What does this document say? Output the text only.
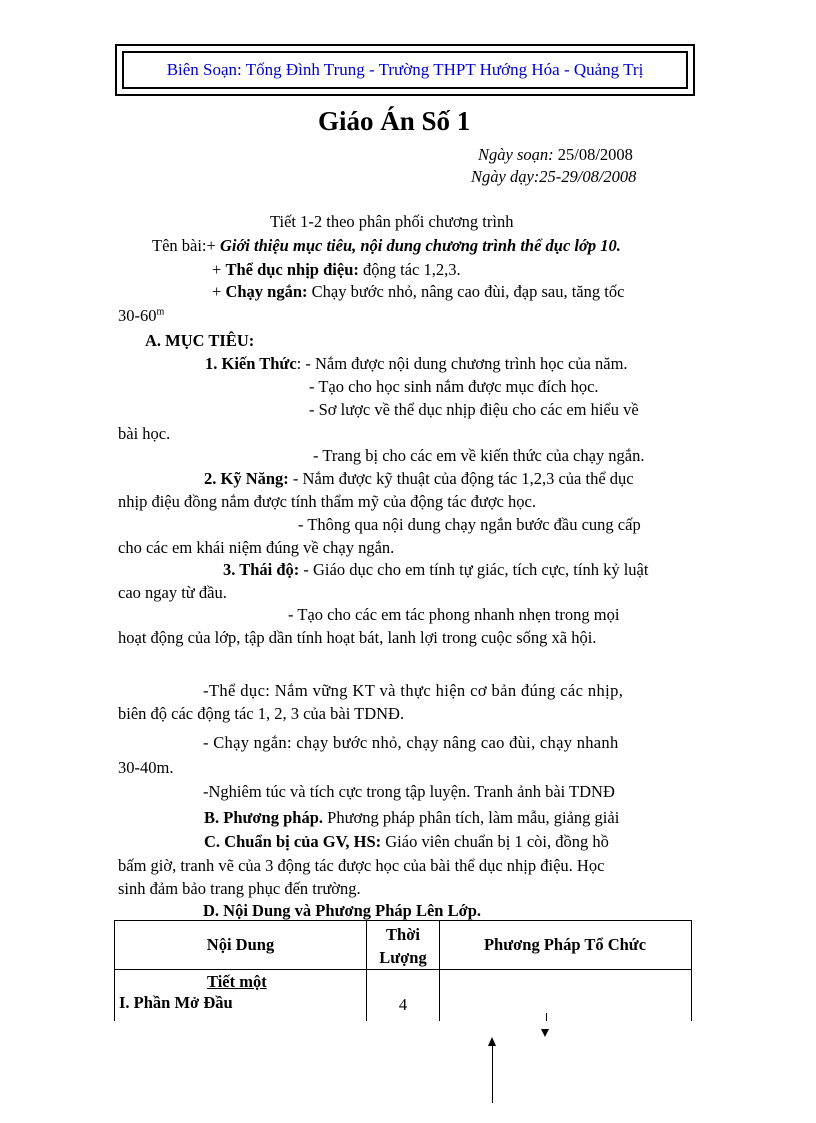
Biên Soạn: Tống Đình Trung - Trường THPT Hướng Hóa - Quảng Trị
Giáo Án Số 1
Ngày soạn: 25/08/2008
Ngày dạy:25-29/08/2008
Tiết 1-2 theo phân phối chương trình
Tên bài:+ Giới thiệu mục tiêu, nội dung chương trình thể dục lớp 10.
+ Thể dục nhịp điệu: động tác 1,2,3.
+ Chạy ngắn: Chạy bước nhỏ, nâng cao đùi, đạp sau, tăng tốc
30-60$^m$
A. MỤC TIÊU:
1. Kiến Thức: - Nắm được nội dung chương trình học của năm.
- Tạo cho học sinh nắm được mục đích học.
- Sơ lược về thể dục nhịp điệu cho các em hiểu về
bài học.
- Trang bị cho các em về kiến thức của chạy ngắn.
2. Kỹ Năng: - Nắm được kỹ thuật của động tác 1,2,3 của thể dục
nhịp điệu đồng nắm được tính thẩm mỹ của động tác được học.
- Thông qua nội dung chạy ngắn bước đầu cung cấp
cho các em khái niệm đúng về chạy ngắn.
3. Thái độ: - Giáo dục cho em tính tự giác, tích cực, tính kỷ luật
cao ngay từ đầu.
- Tạo cho các em tác phong nhanh nhẹn trong mọi
hoạt động của lớp, tập dần tính hoạt bát, lanh lợi trong cuộc sống xã hội.
-Thể dục: Nắm vững KT và thực hiện cơ bản đúng các nhịp,
biên độ các động tác 1, 2, 3 của bài TDNĐ.
- Chạy ngắn: chạy bước nhỏ, chạy nâng cao đùi, chạy nhanh
30-40m.
-Nghiêm túc và tích cực trong tập luyện. Tranh ảnh bài TDNĐ
B. Phương pháp. Phương pháp phân tích, làm mẫu, giảng giải
C. Chuẩn bị của GV, HS: Giáo viên chuẩn bị 1 còi, đồng hồ
bấm giờ, tranh vẽ của 3 động tác được học của bài thể dục nhịp điệu. Học
sinh đảm bảo trang phục đến trường.
D. Nội Dung và Phương Pháp Lên Lớp.
Nội Dung
Thời
Lượng
Phương Pháp Tổ Chức
Tiết một
I. Phần Mở Đầu	4
